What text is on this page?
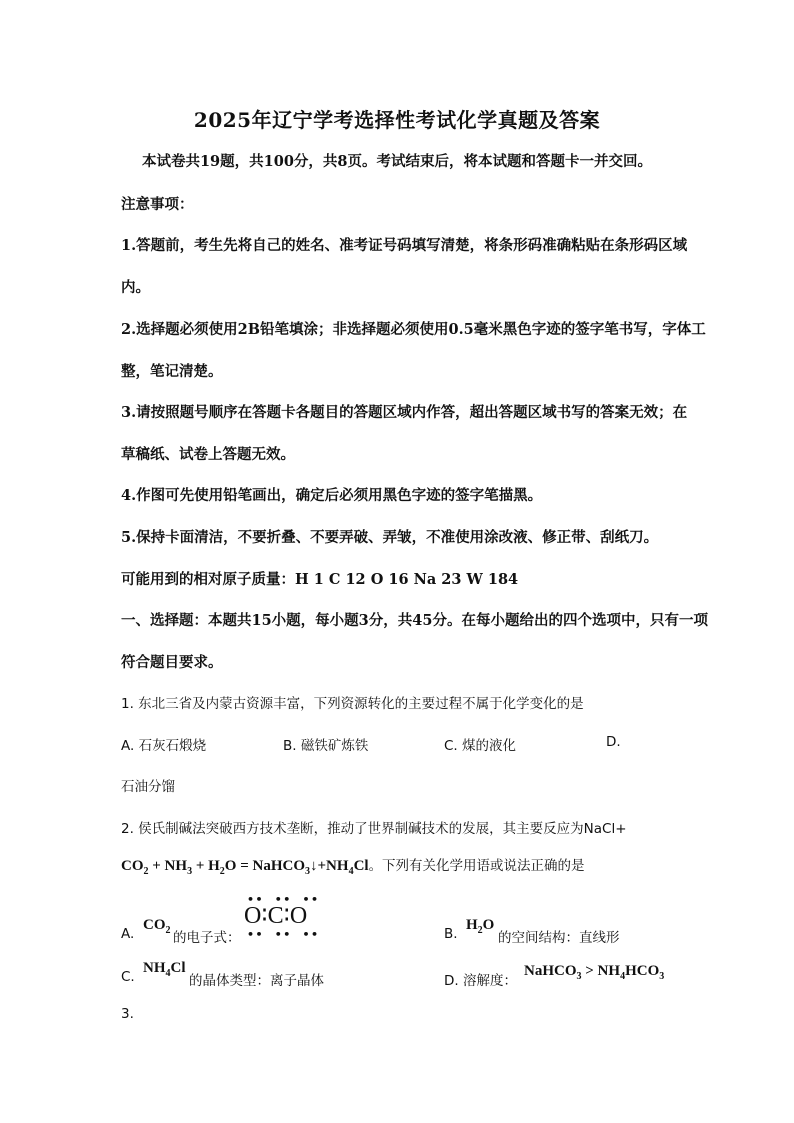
2025年辽宁学考选择性考试化学真题及答案
本试卷共19题，共100分，共8页。考试结束后，将本试题和答题卡一并交回。
注意事项：
1.答题前，考生先将自己的姓名、准考证号码填写清楚，将条形码准确粘贴在条形码区域
内。
2.选择题必须使用2B铅笔填涂；非选择题必须使用0.5毫米黑色字迹的签字笔书写，字体工
整，笔记清楚。
3.请按照题号顺序在答题卡各题目的答题区域内作答，超出答题区域书写的答案无效；在
草稿纸、试卷上答题无效。
4.作图可先使用铅笔画出，确定后必须用黑色字迹的签字笔描黑。
5.保持卡面清洁，不要折叠、不要弄破、弄皱，不准使用涂改液、修正带、刮纸刀。
可能用到的相对原子质量：H 1 C 12 O 16 Na 23 W 184
一、选择题：本题共15小题，每小题3分，共45分。在每小题给出的四个选项中，只有一项
符合题目要求。
1. 东北三省及内蒙古资源丰富，下列资源转化的主要过程不属于化学变化的是
A. 石灰石煅烧	B. 磁铁矿炼铁	C. 煤的液化	D.
石油分馏
2. 侯氏制碱法突破西方技术垄断，推动了世界制碱技术的发展，其主要反应为NaCl+
$CO_2 + NH_3 + H_2O$ = $NaHCO_3↓+NH_4Cl$。下列有关化学用语或说法正确的是
A.
$CO_2$ 的电子式：
O∶C∶O
••  ••  ••
••  ••  ••	B.
$H_2O$
的空间结构：直线形
C.
$NH_4Cl$
的晶体类型：离子晶体	D. 溶解度：
NaHCO$_3$ > $NH_4HCO_3$
3.
